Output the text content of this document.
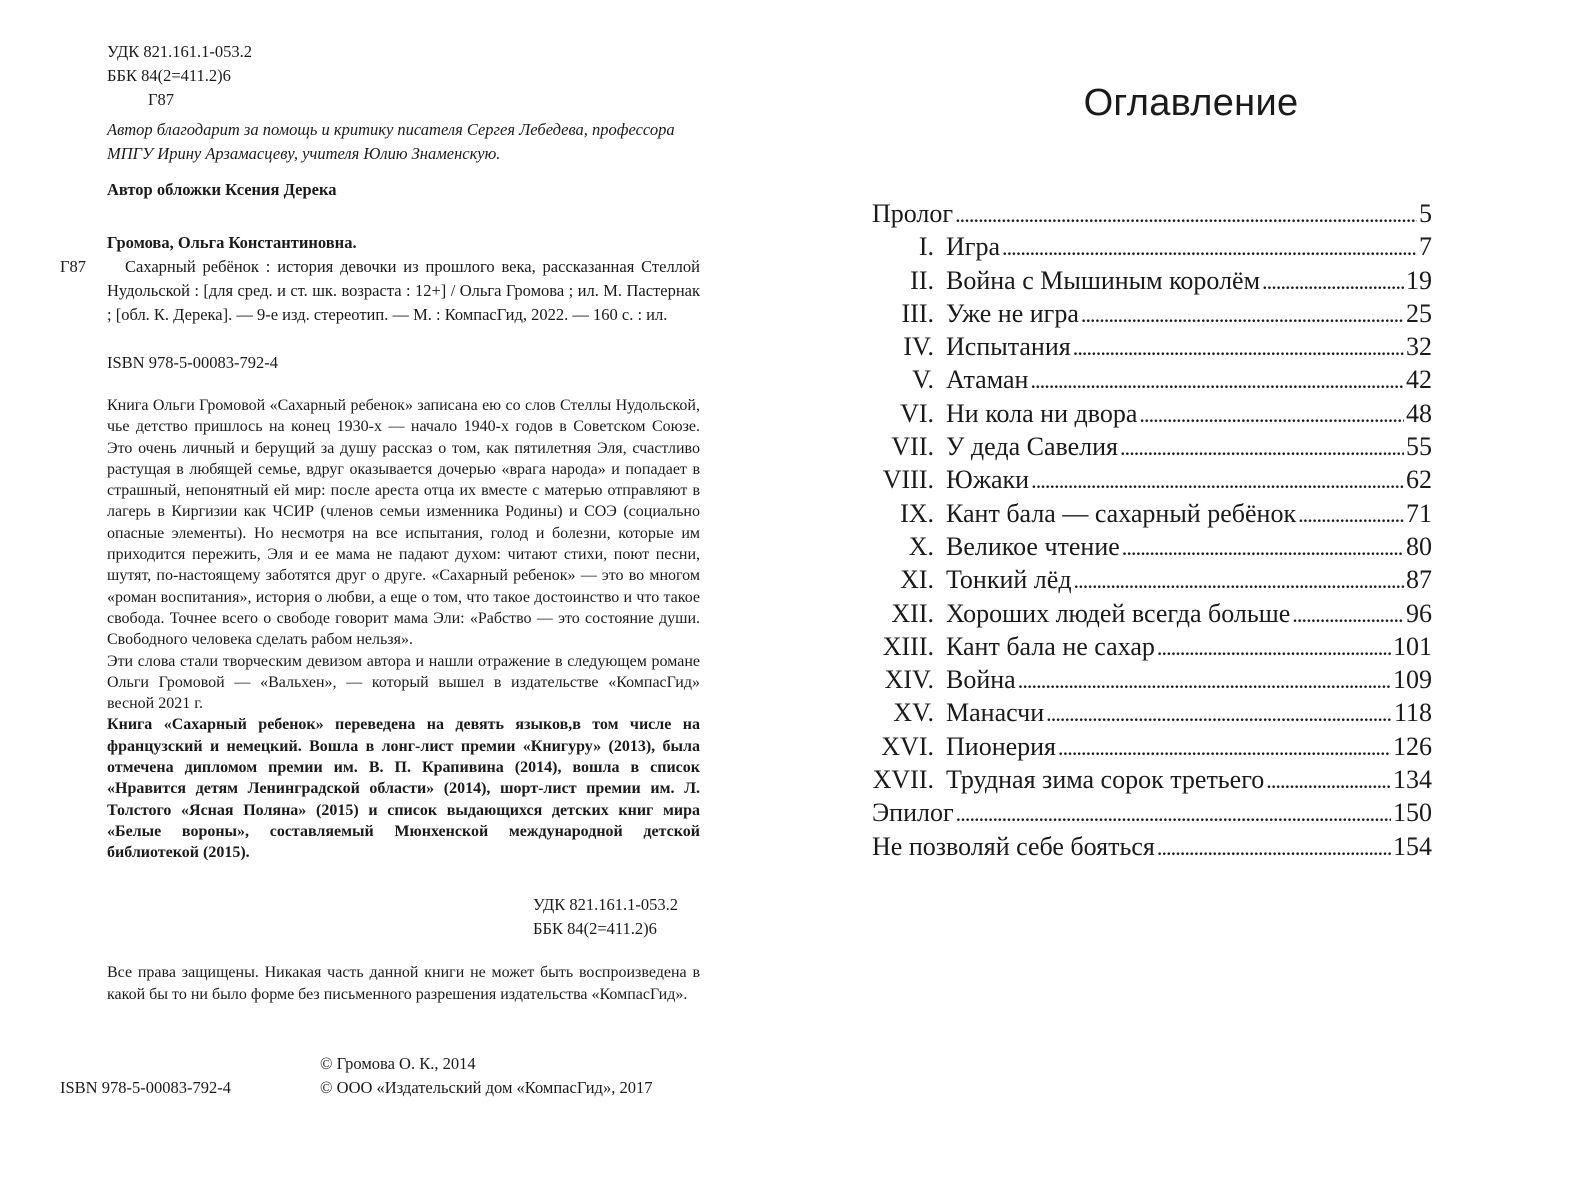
УДК 821.161.1-053.2
ББК 84(2=411.2)6
Г87
Автор благодарит за помощь и критику писателя Сергея Лебедева, профессора МПГУ Ирину Арзамасцеву, учителя Юлию Знаменскую.
Автор обложки Ксения Дерека
Громова, Ольга Константиновна.
Г87	Сахарный ребёнок : история девочки из прошлого века, рассказанная Стеллой Нудольской : [для сред. и ст. шк. возраста : 12+] / Ольга Громова ; ил. М. Пастернак ; [обл. К. Дерека]. — 9-е изд. стереотип. — М. : КомпасГид, 2022. — 160 с. : ил.
ISBN 978-5-00083-792-4

Книга Ольги Громовой «Сахарный ребенок» записана ею со слов Стеллы Нудольской, чье детство пришлось на конец 1930-х — начало 1940-х годов в Советском Союзе. Это очень личный и берущий за душу рассказ о том, как пятилетняя Эля, счастливо растущая в любящей семье, вдруг оказывается дочерью «врага народа» и попадает в страшный, непонятный ей мир: после ареста отца их вместе с матерью отправляют в лагерь в Киргизии как ЧСИР (членов семьи изменника Родины) и СОЭ (социально опасные элементы). Но несмотря на все испытания, голод и болезни, которые им приходится пережить, Эля и ее мама не падают духом: читают стихи, поют песни, шутят, по-настоящему заботятся друг о друге. «Сахарный ребенок» — это во многом «роман воспитания», история о любви, а еще о том, что такое достоинство и что такое свобода. Точнее всего о свободе говорит мама Эли: «Рабство — это состояние души. Свободного человека сделать рабом нельзя».

Эти слова стали творческим девизом автора и нашли отражение в следующем романе Ольги Громовой — «Вальхен», — который вышел в издательстве «КомпасГид» весной 2021 г.

Книга «Сахарный ребенок» переведена на девять языков,в том числе на французский и немецкий. Вошла в лонг-лист премии «Книгуру» (2013), была отмечена дипломом премии им. В. П. Крапивина (2014), вошла в список «Нравится детям Ленинградской области» (2014), шорт-лист премии им. Л. Толстого «Ясная Поляна» (2015) и список выдающихся детских книг мира «Белые вороны», составляемый Мюнхенской международной детской библиотекой (2015).

УДК 821.161.1-053.2
ББК 84(2=411.2)6
Все права защищены. Никакая часть данной книги не может быть воспроизведена в какой бы то ни было форме без письменного разрешения издательства «КомпасГид».
© Громова О. К., 2014
© ООО «Издательский дом «КомпасГид», 2017
ISBN 978-5-00083-792-4
Оглавление
Пролог . . .	5
I. Игра . . .	7
II. Война с Мышиным королём . . .	19
III. Уже не игра . . .	25
IV. Испытания . . .	32
V. Атаман . . .	42
VI. Ни кола ни двора . . .	48
VII. У деда Савелия . . .	55
VIII. Южаки . . .	62
IX. Кант бала — сахарный ребёнок . . .	71
X. Великое чтение . . .	80
XI. Тонкий лёд . . .	87
XII. Хороших людей всегда больше . . .	96
XIII. Кант бала не сахар . . .	101
XIV. Война . . .	109
XV. Манасчи . . .	118
XVI. Пионерия . . .	126
XVII. Трудная зима сорок третьего . . .	134
Эпилог . . .	150
Не позволяй себе бояться . . .	154
